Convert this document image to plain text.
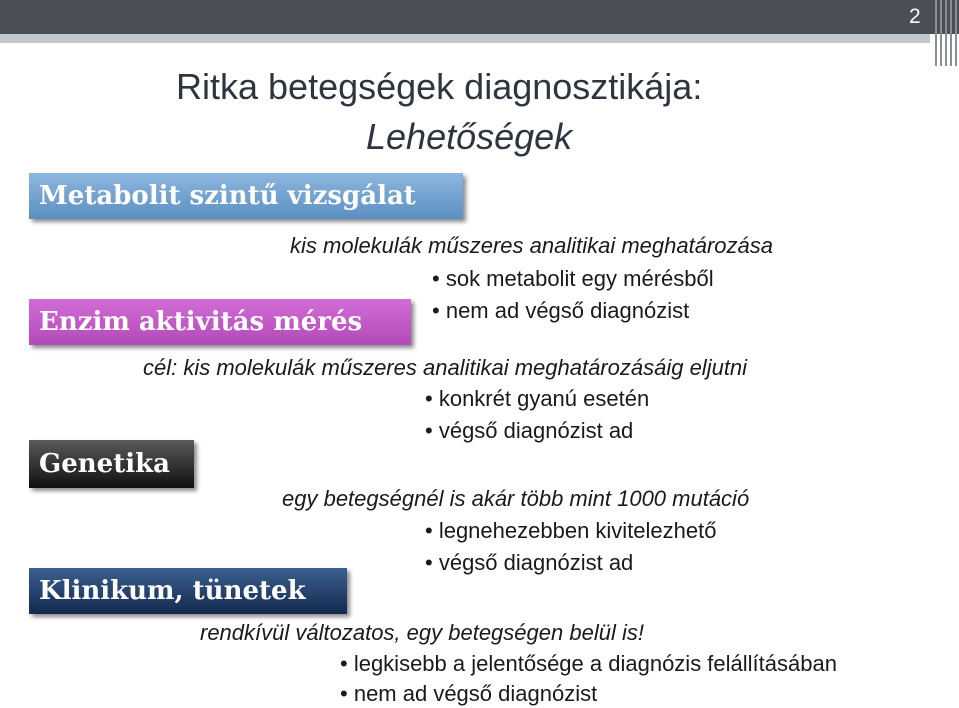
2
Ritka betegségek diagnosztikája:
Lehetőségek
Metabolit szintű vizsgálat
Enzim aktivitás mérés
Genetika
Klinikum, tünetek
kis molekulák műszeres analitikai meghatározása
• sok metabolit egy mérésből
• nem ad végső diagnózist
cél: kis molekulák műszeres analitikai meghatározásáig eljutni
• konkrét gyanú esetén
• végső diagnózist ad
egy betegségnél is akár több mint 1000 mutáció
• legnehezebben kivitelezhető
• végső diagnózist ad
rendkívül változatos, egy betegségen belül is!
• legkisebb a jelentősége a diagnózis felállításában
• nem ad végső diagnózist
